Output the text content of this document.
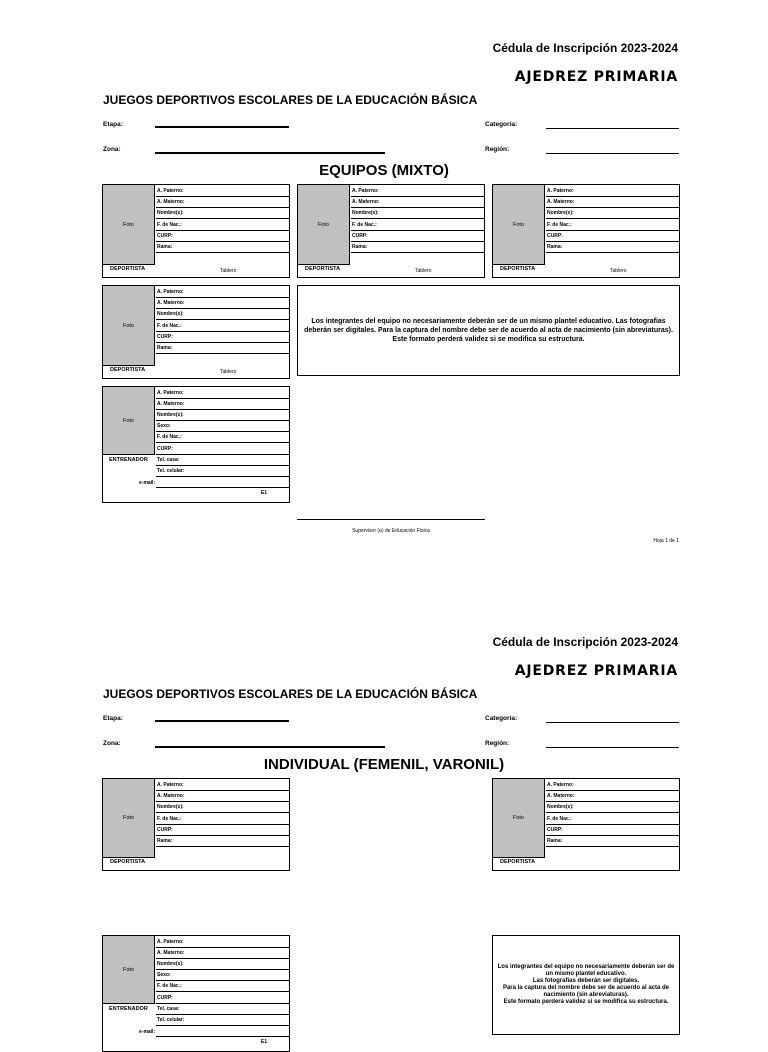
Cédula de Inscripción 2023-2024
AJEDREZ PRIMARIA
JUEGOS DEPORTIVOS ESCOLARES DE LA EDUCACIÓN BÁSICA
Etapa:	Categoría:
Zona:	Región:
EQUIPOS (MIXTO)
Foto
A. Paterno:
A. Materno:
Nombre(s):
F. de Nac.:
CURP:
Rama:
DEPORTISTA	Tablero
Foto
A. Paterno:
A. Materno:
Nombre(s):
F. de Nac.:
CURP:
Rama:
DEPORTISTA	Tablero
Foto
A. Paterno:
A. Materno:
Nombre(s):
F. de Nac.:
CURP:
Rama:
DEPORTISTA	Tablero
Foto
A. Paterno:
A. Materno:
Nombre(s):
F. de Nac.:
CURP:
Rama:
DEPORTISTA	Tablero
Los integrantes del equipo no necesariamente deberán ser de un mismo plantel educativo. Las fotografias deberán ser digitales. Para la captura del nombre debe ser de acuerdo al acta de nacimiento (sin abreviaturas). Este formato perderá validez si se modifica su estructura.
Foto
A. Paterno:
A. Materno:
Nombre(s):
Sexo:
F. de Nac.:
CURP:
Tel. casa:
Tel. celular:
ENTRENADOR
e-mail:
E1
Supervisor (a) de Educación Física
Hoja 1 de 1
Cédula de Inscripción 2023-2024
AJEDREZ PRIMARIA
JUEGOS DEPORTIVOS ESCOLARES DE LA EDUCACIÓN BÁSICA
Etapa:	Categoría:
Zona:	Región:
INDIVIDUAL (FEMENIL, VARONIL)
Foto
A. Paterno:
A. Materno:
Nombre(s):
F. de Nac.:
CURP:
Rama:
DEPORTISTA
Foto
A. Paterno:
A. Materno:
Nombre(s):
F. de Nac.:
CURP:
Rama:
DEPORTISTA
Foto
A. Paterno:
A. Materno:
Nombre(s):
Sexo:
F. de Nac.:
CURP:
Tel. casa:
Tel. celular:
ENTRENADOR
e-mail:
E1
Los integrantes del equipo no necesariamente deberán ser de un mismo plantel educativo.
Las fotografías deberán ser digitales.
Para la captura del nombre debe ser de acuerdo al acta de nacimiento (sin abreviaturas).
Este formato perderá validez si se modifica su estructura.
